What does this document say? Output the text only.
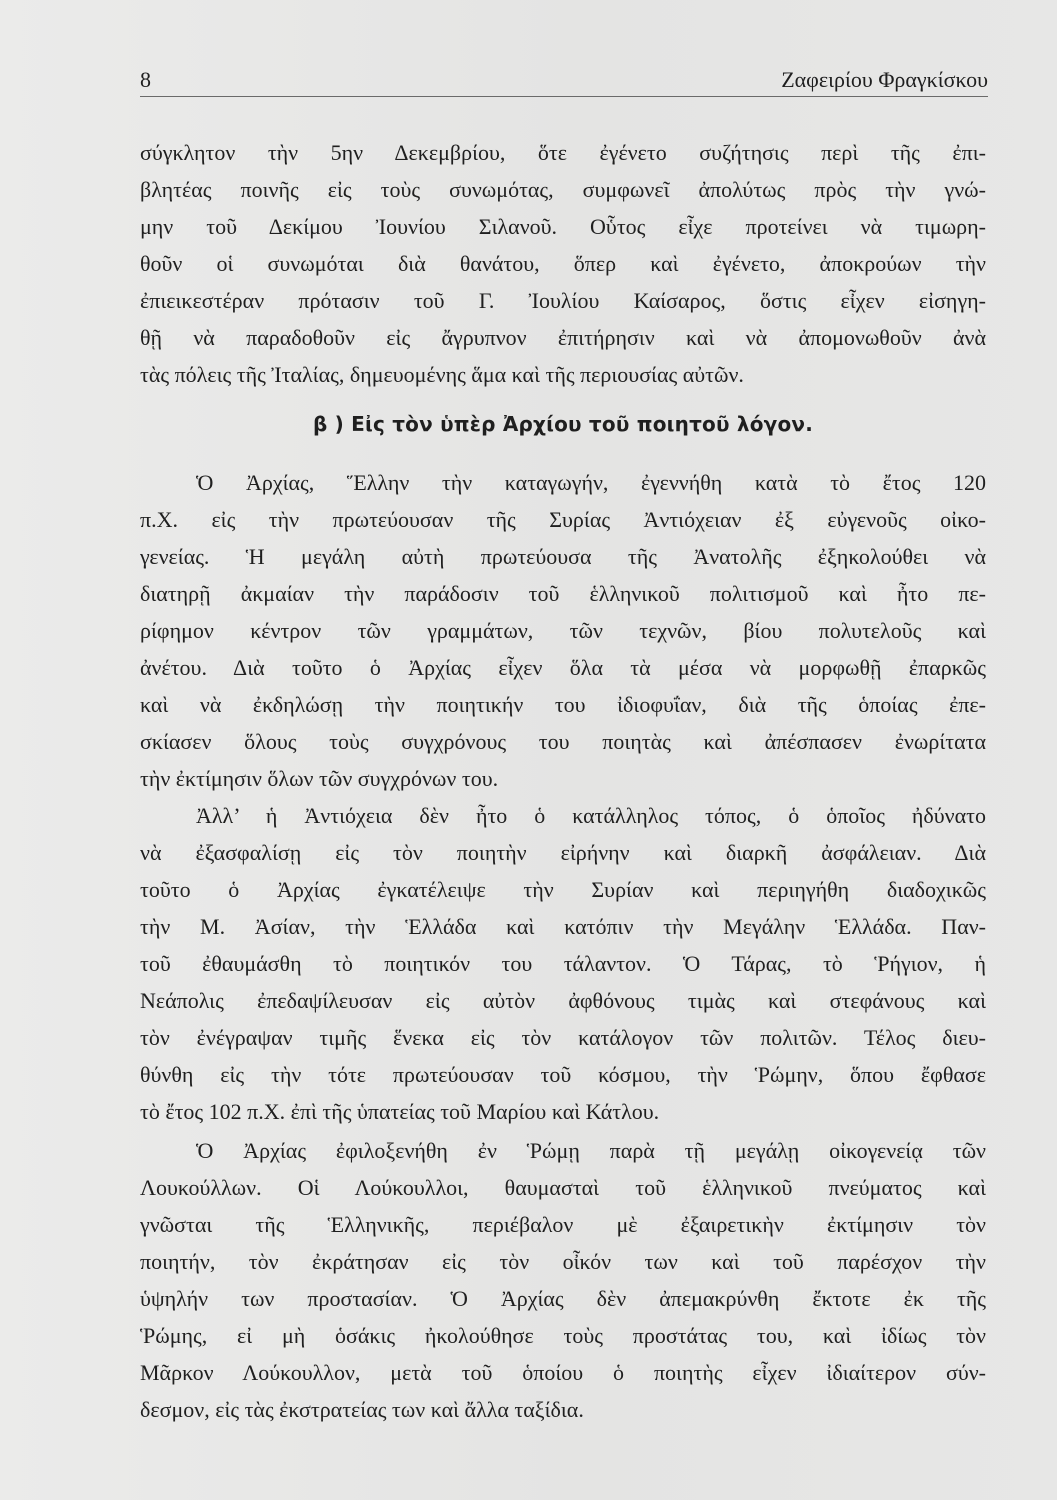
8	Ζαφειρίου Φραγκίσκου
σύγκλητον τὴν 5ην Δεκεμβρίου, ὅτε ἐγένετο συζήτησις περὶ τῆς ἐπι-
βλητέας ποινῆς εἰς τοὺς συνωμότας, συμφωνεῖ ἀπολύτως πρὸς τὴν γνώ-
μην τοῦ Δεκίμου Ἰουνίου Σιλανοῦ. Οὗτος εἶχε προτείνει νὰ τιμωρη-
θοῦν οἱ συνωμόται διὰ θανάτου, ὅπερ καὶ ἐγένετο, ἀποκρούων τὴν
ἐπιεικεστέραν πρότασιν τοῦ Γ. Ἰουλίου Καίσαρος, ὅστις εἶχεν εἰσηγη-
θῇ νὰ παραδοθοῦν εἰς ἄγρυπνον ἐπιτήρησιν καὶ νὰ ἀπομονωθοῦν ἀνὰ
τὰς πόλεις τῆς Ἰταλίας, δημευομένης ἅμα καὶ τῆς περιουσίας αὐτῶν.
β ) Εἰς τὸν ὑπὲρ Ἀρχίου τοῦ ποιητοῦ λόγον.
Ὁ Ἀρχίας, Ἕλλην τὴν καταγωγήν, ἐγεννήθη κατὰ τὸ ἔτος 120
π.Χ. εἰς τὴν πρωτεύουσαν τῆς Συρίας Ἀντιόχειαν ἐξ εὐγενοῦς οἰκο-
γενείας. Ἡ μεγάλη αὐτὴ πρωτεύουσα τῆς Ἀνατολῆς ἐξηκολούθει νὰ
διατηρῇ ἀκμαίαν τὴν παράδοσιν τοῦ ἑλληνικοῦ πολιτισμοῦ καὶ ἦτο πε-
ρίφημον κέντρον τῶν γραμμάτων, τῶν τεχνῶν, βίου πολυτελοῦς καὶ
ἀνέτου. Διὰ τοῦτο ὁ Ἀρχίας εἶχεν ὅλα τὰ μέσα νὰ μορφωθῇ ἐπαρκῶς
καὶ νὰ ἐκδηλώσῃ τὴν ποιητικήν του ἰδιοφυΐαν, διὰ τῆς ὁποίας ἐπε-
σκίασεν ὅλους τοὺς συγχρόνους του ποιητὰς καὶ ἀπέσπασεν ἐνωρίτατα
τὴν ἐκτίμησιν ὅλων τῶν συγχρόνων του.
Ἀλλ’ ἡ Ἀντιόχεια δὲν ἦτο ὁ κατάλληλος τόπος, ὁ ὁποῖος ἠδύνατο
νὰ ἐξασφαλίσῃ εἰς τὸν ποιητὴν εἰρήνην καὶ διαρκῆ ἀσφάλειαν. Διὰ
τοῦτο ὁ Ἀρχίας ἐγκατέλειψε τὴν Συρίαν καὶ περιηγήθη διαδοχικῶς
τὴν Μ. Ἀσίαν, τὴν Ἑλλάδα καὶ κατόπιν τὴν Μεγάλην Ἑλλάδα. Παν-
τοῦ ἐθαυμάσθη τὸ ποιητικόν του τάλαντον. Ὁ Τάρας, τὸ Ῥήγιον, ἡ
Νεάπολις ἐπεδαψίλευσαν εἰς αὐτὸν ἀφθόνους τιμὰς καὶ στεφάνους καὶ
τὸν ἐνέγραψαν τιμῆς ἕνεκα εἰς τὸν κατάλογον τῶν πολιτῶν. Τέλος διευ-
θύνθη εἰς τὴν τότε πρωτεύουσαν τοῦ κόσμου, τὴν Ῥώμην, ὅπου ἔφθασε
τὸ ἔτος 102 π.Χ. ἐπὶ τῆς ὑπατείας τοῦ Μαρίου καὶ Κάτλου.
Ὁ Ἀρχίας ἐφιλοξενήθη ἐν Ῥώμῃ παρὰ τῇ μεγάλῃ οἰκογενείᾳ τῶν
Λουκούλλων. Οἱ Λούκουλλοι, θαυμασταὶ τοῦ ἑλληνικοῦ πνεύματος καὶ
γνῶσται τῆς Ἑλληνικῆς, περιέβαλον μὲ ἐξαιρετικὴν ἐκτίμησιν τὸν
ποιητήν, τὸν ἐκράτησαν εἰς τὸν οἶκόν των καὶ τοῦ παρέσχον τὴν
ὑψηλήν των προστασίαν. Ὁ Ἀρχίας δὲν ἀπεμακρύνθη ἔκτοτε ἐκ τῆς
Ῥώμης, εἰ μὴ ὁσάκις ἠκολούθησε τοὺς προστάτας του, καὶ ἰδίως τὸν
Μᾶρκον Λούκουλλον, μετὰ τοῦ ὁποίου ὁ ποιητὴς εἶχεν ἰδιαίτερον σύν-
δεσμον, εἰς τὰς ἐκστρατείας των καὶ ἄλλα ταξίδια.
